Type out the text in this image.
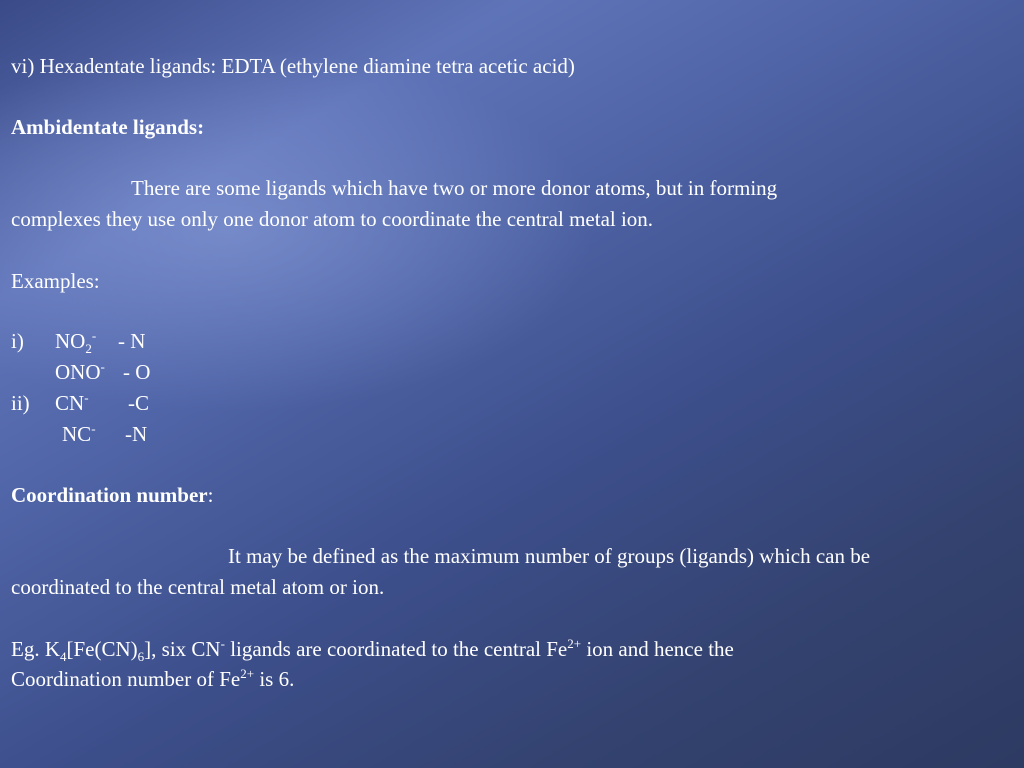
vi) Hexadentate ligands: EDTA (ethylene diamine tetra acetic acid)
Ambidentate ligands:
There are some ligands which have two or more donor atoms, but in forming
complexes they use only one donor atom to coordinate the central metal ion.
Examples:
i) $NO_2^-$ - N
ONO- - O
ii) CN- -C
NC- -N
Coordination number:
It may be defined as the maximum number of groups (ligands) which can be
coordinated to the central metal atom or ion.
Eg. $K_4[Fe(CN)_6]$, six CN- ligands are coordinated to the central $Fe^{2+}$ ion and hence the
Coordination number of $Fe^{2+}$ is 6.
